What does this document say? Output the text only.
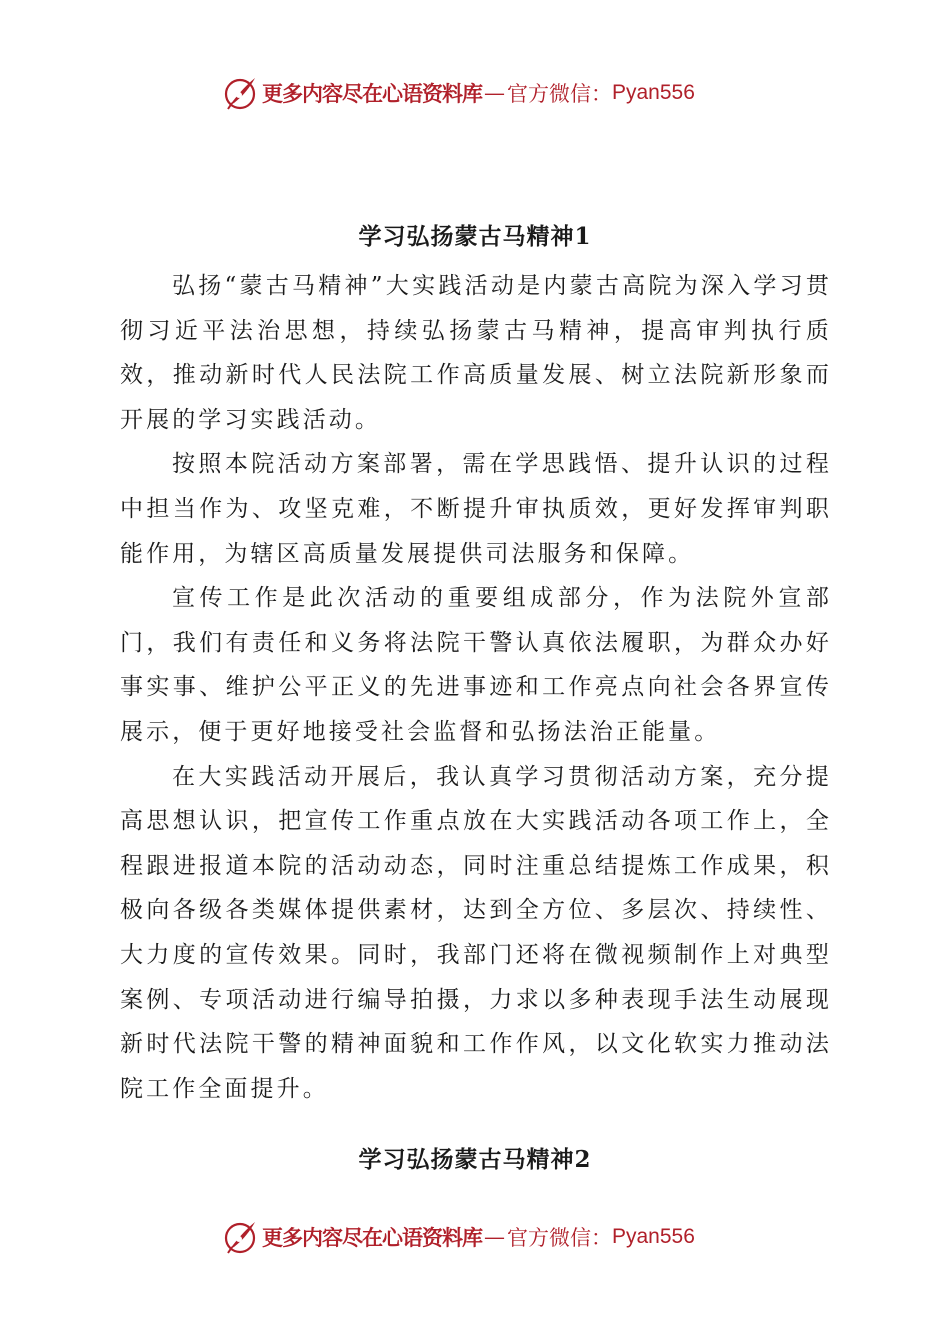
更多内容尽在心语资料库 — 官方微信： Pyan556
学习弘扬蒙古马精神1

弘扬“蒙古马精神”大实践活动是内蒙古高院为深入学习贯彻习近平法治思想，持续弘扬蒙古马精神，提高审判执行质效，推动新时代人民法院工作高质量发展、树立法院新形象而开展的学习实践活动。

按照本院活动方案部署，需在学思践悟、提升认识的过程中担当作为、攻坚克难，不断提升审执质效，更好发挥审判职能作用，为辖区高质量发展提供司法服务和保障。

宣传工作是此次活动的重要组成部分，作为法院外宣部门，我们有责任和义务将法院干警认真依法履职，为群众办好事实事、维护公平正义的先进事迹和工作亮点向社会各界宣传展示，便于更好地接受社会监督和弘扬法治正能量。

在大实践活动开展后，我认真学习贯彻活动方案，充分提高思想认识，把宣传工作重点放在大实践活动各项工作上，全程跟进报道本院的活动动态，同时注重总结提炼工作成果，积极向各级各类媒体提供素材，达到全方位、多层次、持续性、大力度的宣传效果。同时，我部门还将在微视频制作上对典型案例、专项活动进行编导拍摄，力求以多种表现手法生动展现新时代法院干警的精神面貌和工作作风，以文化软实力推动法院工作全面提升。

学习弘扬蒙古马精神2
更多内容尽在心语资料库 — 官方微信： Pyan556
